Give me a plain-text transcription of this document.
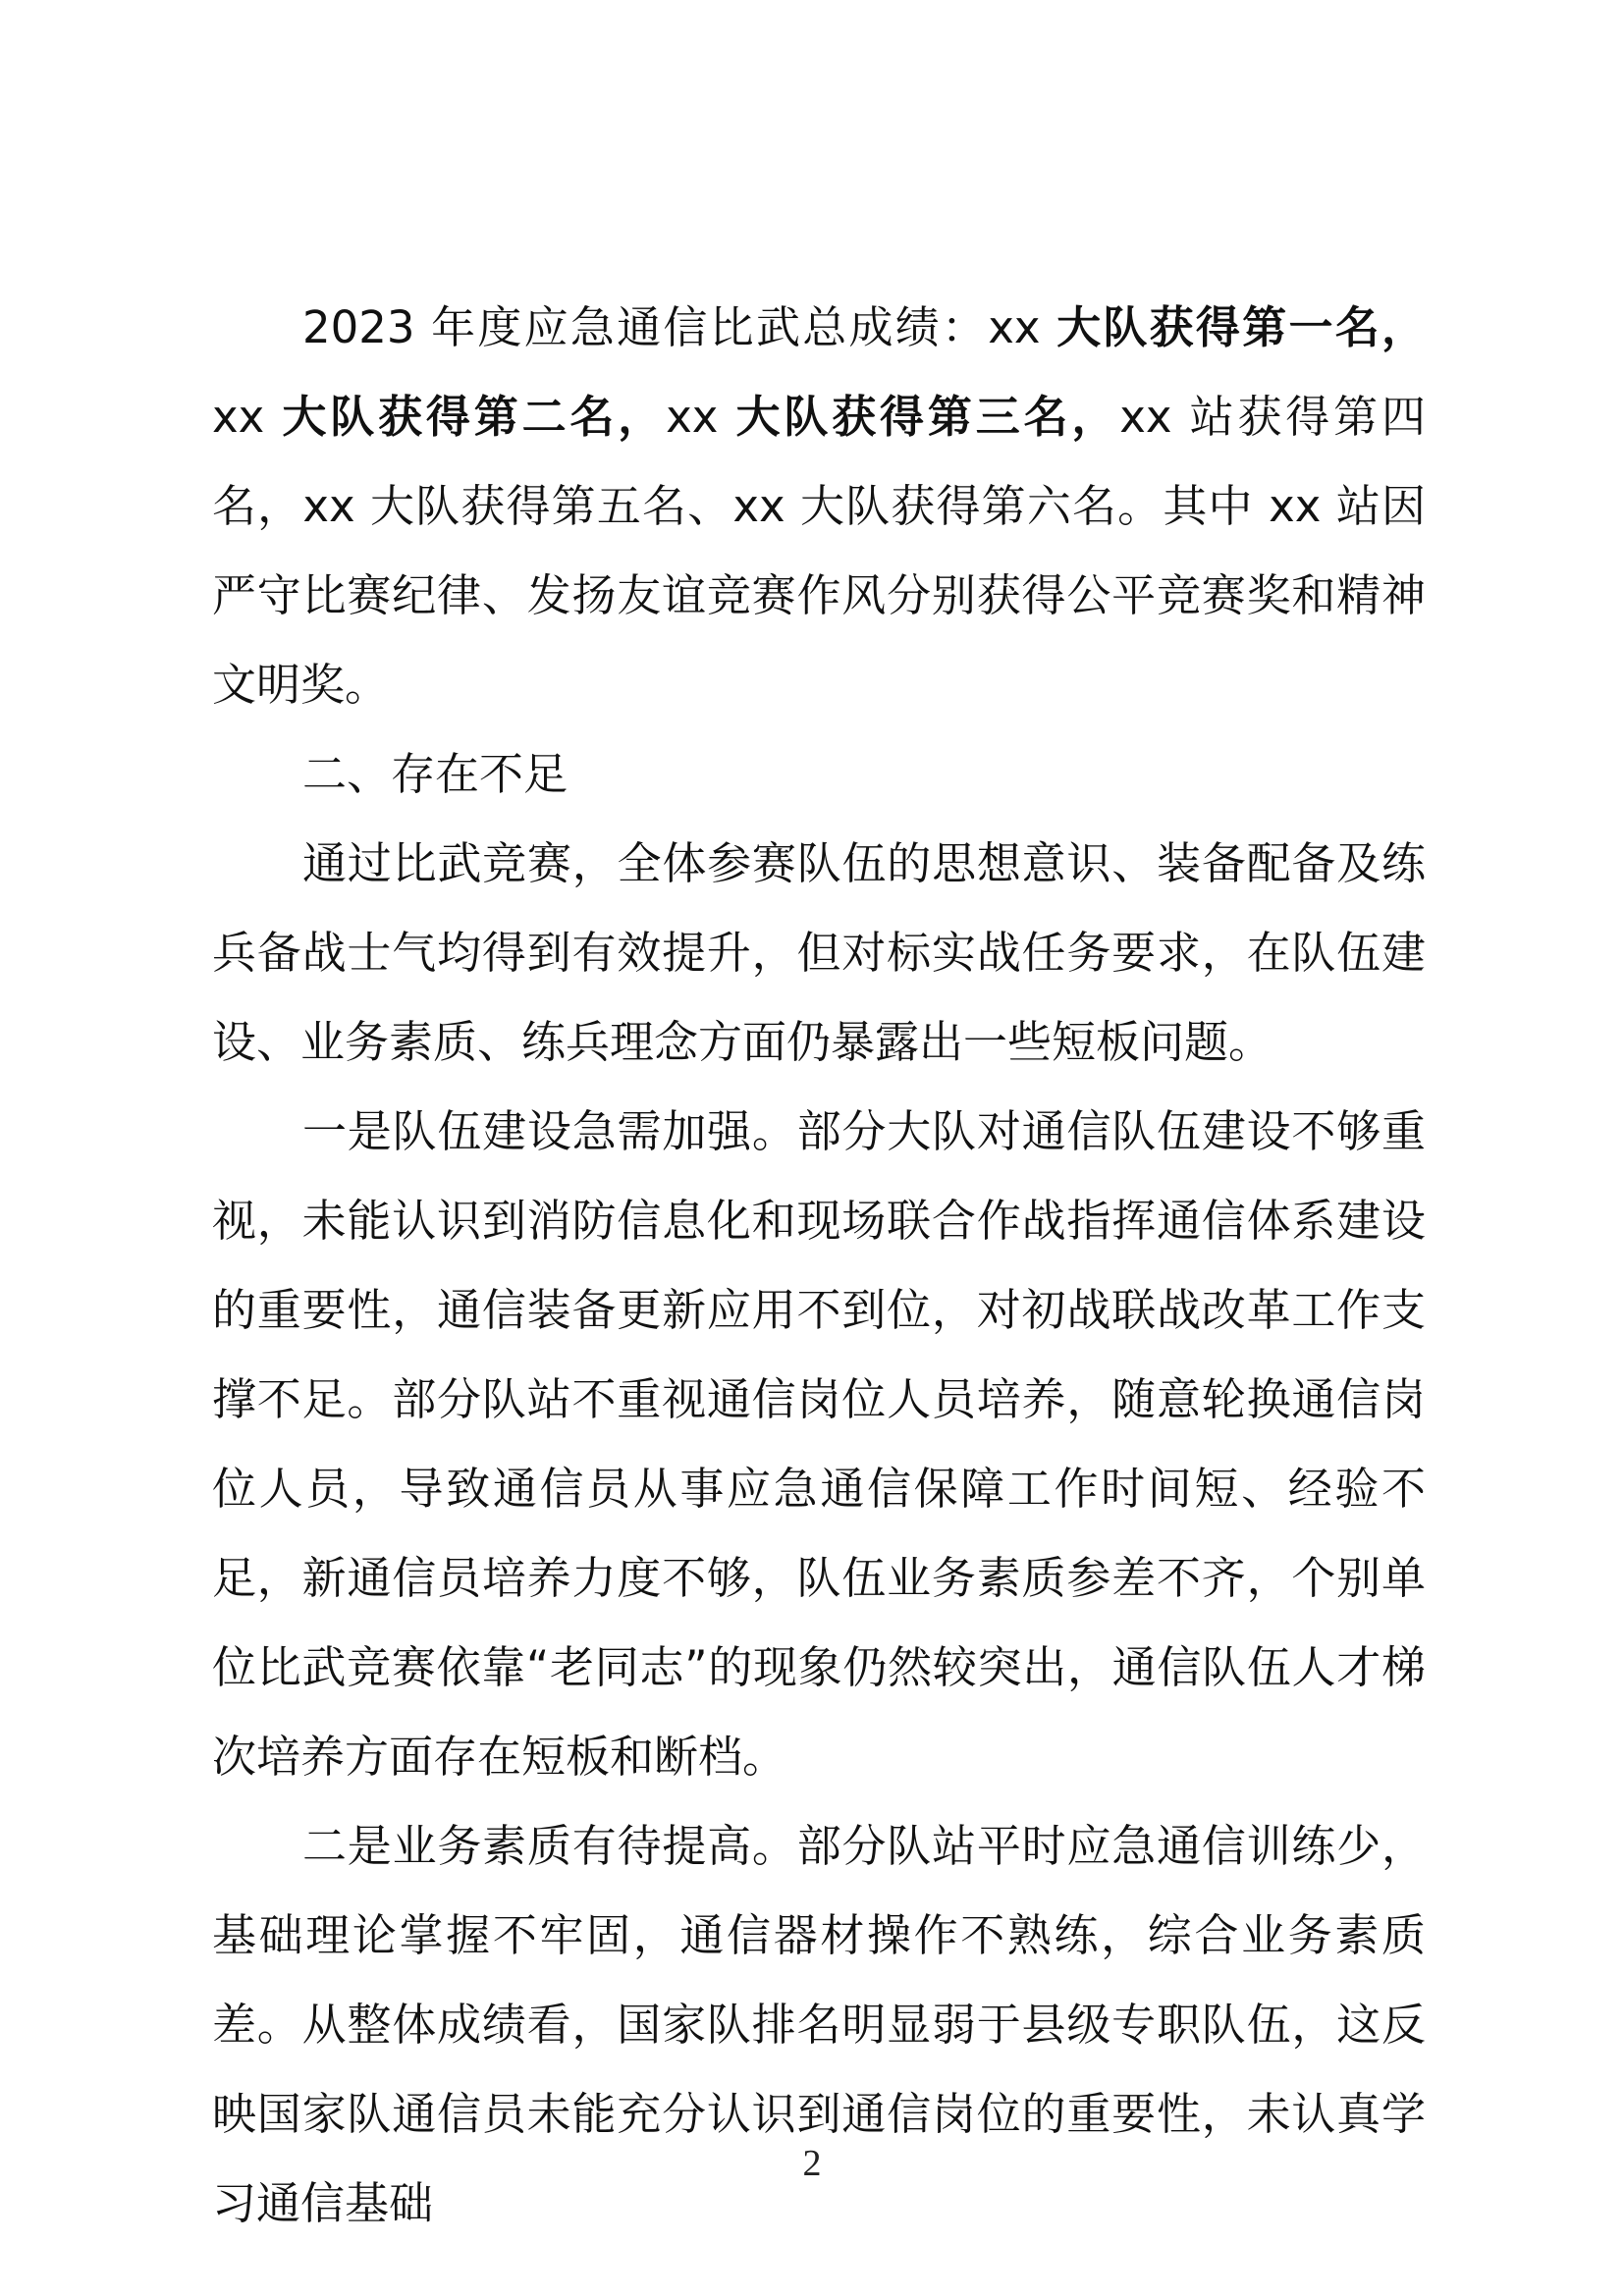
2023 年度应急通信比武总成绩：xx 大队获得第一名，xx 大队获得第二名，xx 大队获得第三名，xx 站获得第四名，xx 大队获得第五名、xx 大队获得第六名。其中 xx 站因严守比赛纪律、发扬友谊竞赛作风分别获得公平竞赛奖和精神文明奖。

二、存在不足

通过比武竞赛，全体参赛队伍的思想意识、装备配备及练兵备战士气均得到有效提升，但对标实战任务要求，在队伍建设、业务素质、练兵理念方面仍暴露出一些短板问题。

一是队伍建设急需加强。部分大队对通信队伍建设不够重视，未能认识到消防信息化和现场联合作战指挥通信体系建设的重要性，通信装备更新应用不到位，对初战联战改革工作支撑不足。部分队站不重视通信岗位人员培养，随意轮换通信岗位人员，导致通信员从事应急通信保障工作时间短、经验不足，新通信员培养力度不够，队伍业务素质参差不齐，个别单位比武竞赛依靠“老同志”的现象仍然较突出，通信队伍人才梯次培养方面存在短板和断档。

二是业务素质有待提高。部分队站平时应急通信训练少，基础理论掌握不牢固，通信器材操作不熟练，综合业务素质差。从整体成绩看，国家队排名明显弱于县级专职队伍，这反映国家队通信员未能充分认识到通信岗位的重要性，未认真学习通信基础

2
